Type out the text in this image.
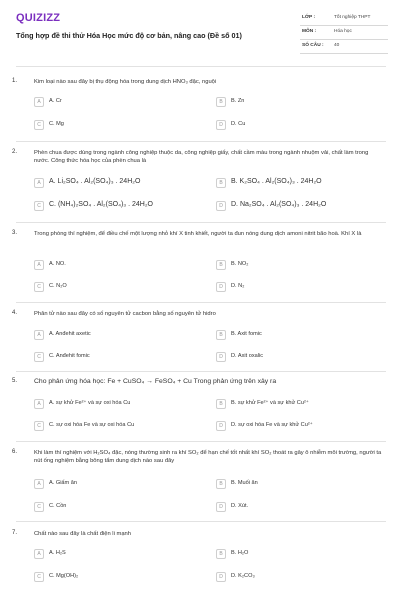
QUIZIZZ
Tổng hợp đề thi thử Hóa Học mức độ cơ bản, nâng cao (Đề số 01)
LỚP :	Tốt nghiệp THPT
MÔN :	Hóa học
SỐ CÂU : 40
1.	Kim loại nào sau đây bị thụ động hóa trong dung dịch HNO₃ đặc, nguội
A	A. Cr	B	B. Zn
C	C. Mg	D	D. Cu
2.	Phèn chua được dùng trong ngành công nghiệp thuộc da, công nghiệp giấy, chất cầm màu trong ngành nhuộm vải, chất làm trong nước. Công thức hóa học của phèn chua là
A	A. Li₂SO₄ . Al₂(SO₄)₃ . 24H₂O	B	B. K₂SO₄ . Al₂(SO₄)₃ . 24H₂O
C	C. (NH₄)₂SO₄ . Al₂(SO₄)₃ . 24H₂O	D	D. Na₂SO₄ . Al₂(SO₄)₃ . 24H₂O
3.	Trong phòng thí nghiệm, để điều chế một lượng nhỏ khí X tinh khiết, người ta đun nóng dung dịch amoni nitrit bão hoà. Khí X là
A	A. NO.	B	B. NO₂
C	C. N₂O	D	D. N₂
4.	Phân tử nào sau đây có số nguyên tử cacbon bằng số nguyên tử hidro
A	A. Anđehit axetic	B	B. Axit fomic
C	C. Anđehit fomic	D	D. Axit oxalic
5. Cho phản ứng hóa học: Fe + CuSO₄ → FeSO₄ + Cu Trong phản ứng trên xảy ra
A	A. sự khử Fe²⁺ và sự oxi hóa Cu	B	B. sự khử Fe²⁺ và sự khử Cu²⁺
C	C. sự oxi hóa Fe và sự oxi hóa Cu	D	D. sự oxi hóa Fe và sự khử Cu²⁺
6.	Khi làm thí nghiệm với H₂SO₄ đặc, nóng thường sinh ra khí SO₂ để hạn chế tốt nhất khí SO₂ thoát ra gây ô nhiễm môi trường, người ta nút ống nghiệm bằng bông tẩm dung dịch nào sau đây
A	A. Giấm ăn	B	B. Muối ăn
C	C. Cồn	D	D. Xút.
7.	Chất nào sau đây là chất điện li mạnh
A	A. H₂S	B	B. H₂O
C	C. Mg(OH)₂	D	D. K₂CO₃
